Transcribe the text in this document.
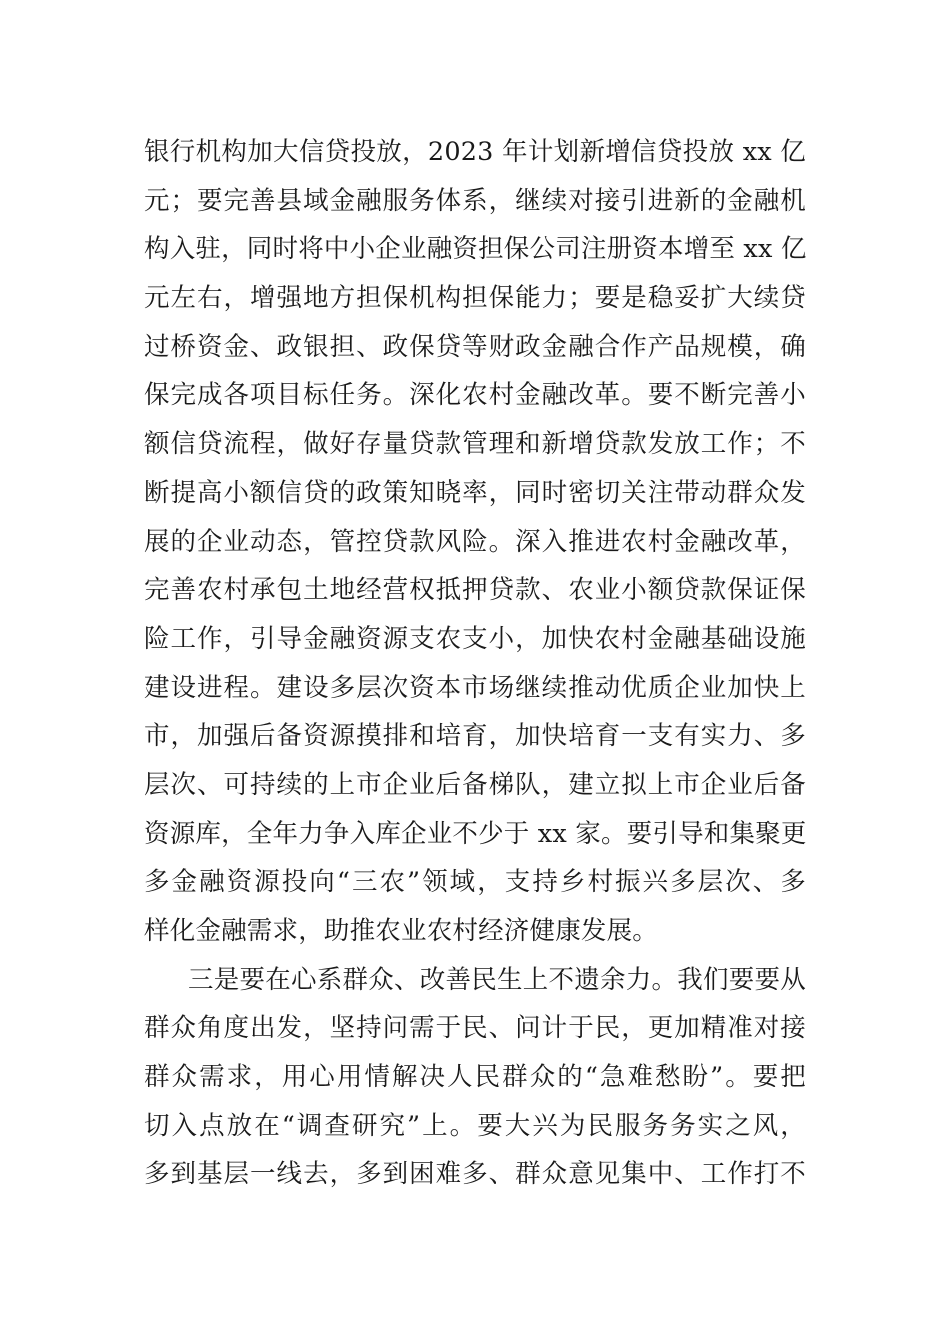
银行机构加大信贷投放，2023 年计划新增信贷投放 xx 亿
元；要完善县域金融服务体系，继续对接引进新的金融机
构入驻，同时将中小企业融资担保公司注册资本增至 xx 亿
元左右，增强地方担保机构担保能力；要是稳妥扩大续贷
过桥资金、政银担、政保贷等财政金融合作产品规模，确
保完成各项目标任务。深化农村金融改革。要不断完善小
额信贷流程，做好存量贷款管理和新增贷款发放工作；不
断提高小额信贷的政策知晓率，同时密切关注带动群众发
展的企业动态，管控贷款风险。深入推进农村金融改革，
完善农村承包土地经营权抵押贷款、农业小额贷款保证保
险工作，引导金融资源支农支小，加快农村金融基础设施
建设进程。建设多层次资本市场继续推动优质企业加快上
市，加强后备资源摸排和培育，加快培育一支有实力、多
层次、可持续的上市企业后备梯队，建立拟上市企业后备
资源库，全年力争入库企业不少于 xx 家。要引导和集聚更
多金融资源投向“三农”领域，支持乡村振兴多层次、多
样化金融需求，助推农业农村经济健康发展。
三是要在心系群众、改善民生上不遗余力。我们要要从
群众角度出发，坚持问需于民、问计于民，更加精准对接
群众需求，用心用情解决人民群众的“急难愁盼”。要把
切入点放在“调查研究”上。要大兴为民服务务实之风，
多到基层一线去，多到困难多、群众意见集中、工作打不
